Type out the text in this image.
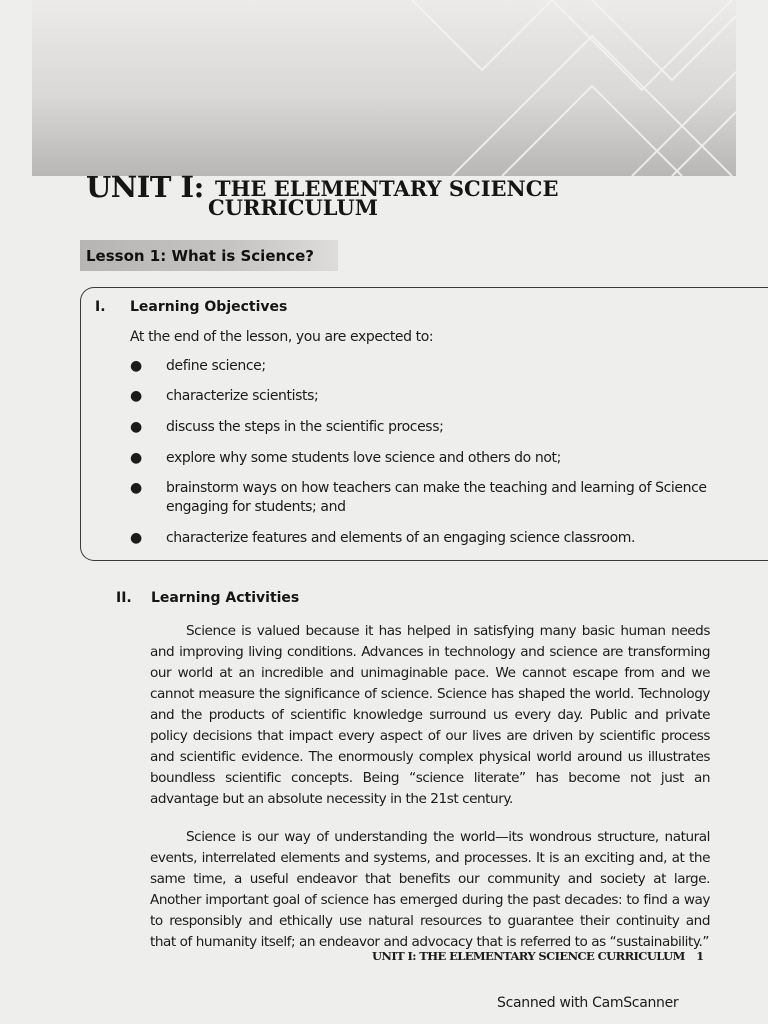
UNIT I: THE ELEMENTARY SCIENCE
CURRICULUM
Lesson 1: What is Science?
I. Learning Objectives
At the end of the lesson, you are expected to:
● define science;
● characterize scientists;
● discuss the steps in the scientific process;
● explore why some students love science and others do not;
● brainstorm ways on how teachers can make the teaching and learning of Science engaging for students; and
● characterize features and elements of an engaging science classroom.
II. Learning Activities

Science is valued because it has helped in satisfying many basic human needs and improving living conditions. Advances in technology and science are transforming our world at an incredible and unimaginable pace. We cannot escape from and we cannot measure the significance of science. Science has shaped the world. Technology and the products of scientific knowledge surround us every day. Public and private policy decisions that impact every aspect of our lives are driven by scientific process and scientific evidence. The enormously complex physical world around us illustrates boundless scientific concepts. Being “science literate” has become not just an advantage but an absolute necessity in the 21st century.

Science is our way of understanding the world—its wondrous structure, natural events, interrelated elements and systems, and processes. It is an exciting and, at the same time, a useful endeavor that benefits our community and society at large. Another important goal of science has emerged during the past decades: to find a way to responsibly and ethically use natural resources to guarantee their continuity and that of humanity itself; an endeavor and advocacy that is referred to as “sustainability.”

UNIT I: THE ELEMENTARY SCIENCE CURRICULUM 1
Scanned with CamScanner
